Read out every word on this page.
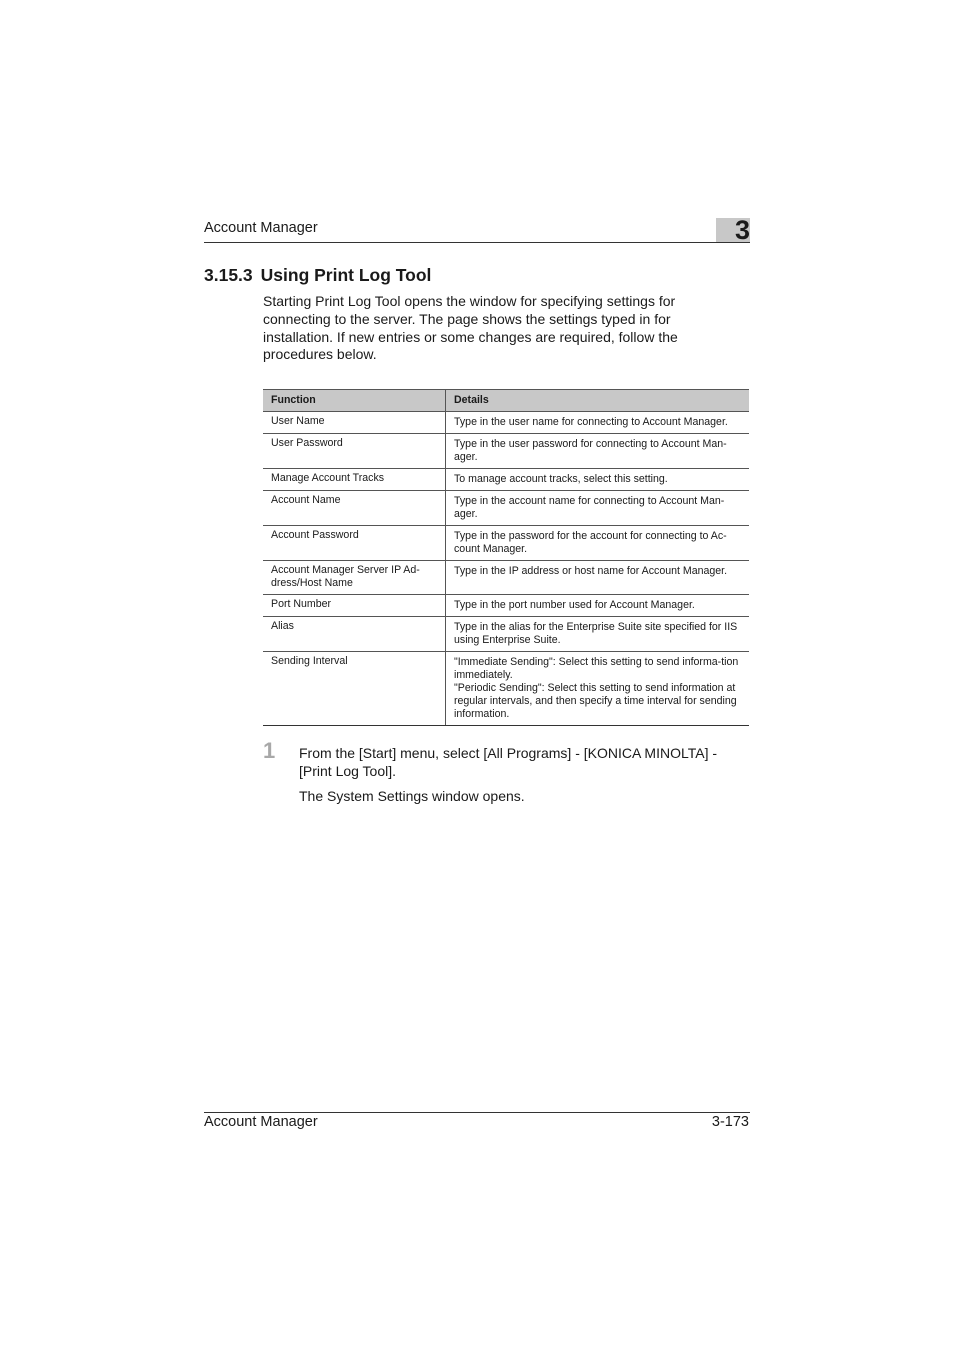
Account Manager	3
3.15.3 Using Print Log Tool

Starting Print Log Tool opens the window for specifying settings for connecting to the server. The page shows the settings typed in for installation. If new entries or some changes are required, follow the procedures below.

Function	Details
User Name	Type in the user name for connecting to Account Manager.

User Password	Type in the user password for connecting to Account Man-ager.

Manage Account Tracks	To manage account tracks, select this setting.

Account Name	Type in the account name for connecting to Account Man-ager.

Account Password	Type in the password for the account for connecting to Ac-count Manager.

Account Manager Server IP Ad-dress/Host Name	Type in the IP address or host name for Account Manager.

Port Number	Type in the port number used for Account Manager.

Alias	Type in the alias for the Enterprise Suite site specified for IIS using Enterprise Suite.

Sending Interval	"Immediate Sending": Select this setting to send informa-tion immediately.
"Periodic Sending": Select this setting to send information at regular intervals, and then specify a time interval for sending information.
1 From the [Start] menu, select [All Programs] - [KONICA MINOLTA] - [Print Log Tool].

The System Settings window opens.

Account Manager	3-173
